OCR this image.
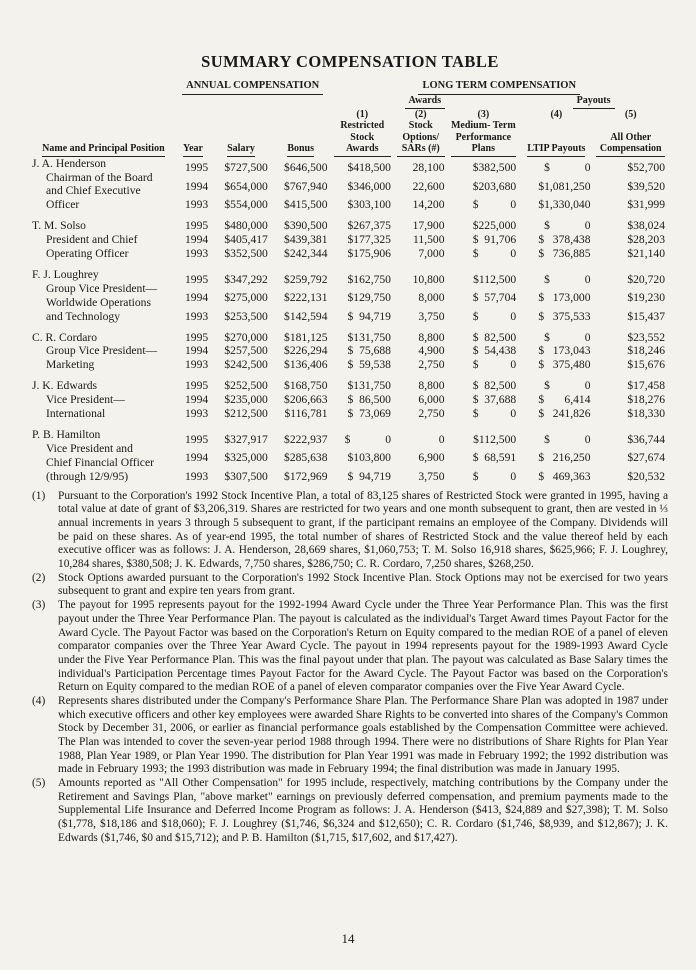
SUMMARY COMPENSATION TABLE
	ANNUAL COMPENSATION			LONG TERM COMPENSATION				
				Awards			Payouts	
				(1)	(2)	(3)	(4)	(5)
Name and Principal Position	Year	Salary	Bonus	Restricted Stock Awards	Stock Options/ SARs (#)	Medium- Term Performance Plans	LTIP Payouts	All Other Compensation

J. A. Henderson
Chairman of the Board
and Chief Executive
Officer	1995	$727,500	$646,500	$418,500	28,100	$382,500	$            0	$52,700
	1994	$654,000	$767,940	$346,000	22,600	$203,680	$1,081,250	$39,520
	1993	$554,000	$415,500	$303,100	14,200	$           0	$1,330,040	$31,999

T. M. Solso
President and Chief
Operating Officer	1995	$480,000	$390,500	$267,375	17,900	$225,000	$            0	$38,024
	1994	$405,417	$439,381	$177,325	11,500	$  91,706	$   378,438	$28,203
	1993	$352,500	$242,344	$175,906	7,000	$           0	$   736,885	$21,140

F. J. Loughrey
Group Vice President—
Worldwide Operations
and Technology	1995	$347,292	$259,792	$162,750	10,800	$112,500	$            0	$20,720
	1994	$275,000	$222,131	$129,750	8,000	$  57,704	$   173,000	$19,230
	1993	$253,500	$142,594	$  94,719	3,750	$           0	$   375,533	$15,437

C. R. Cordaro
Group Vice President—
Marketing	1995	$270,000	$181,125	$131,750	8,800	$  82,500	$            0	$23,552
	1994	$257,500	$226,294	$  75,688	4,900	$  54,438	$   173,043	$18,246
	1993	$242,500	$136,406	$  59,538	2,750	$           0	$   375,480	$15,676

J. K. Edwards
Vice President—
International	1995	$252,500	$168,750	$131,750	8,800	$  82,500	$            0	$17,458
	1994	$235,000	$206,663	$  86,500	6,000	$  37,688	$       6,414	$18,276
	1993	$212,500	$116,781	$  73,069	2,750	$           0	$   241,826	$18,330

P. B. Hamilton
Vice President and
Chief Financial Officer
(through 12/9/95)	1995	$327,917	$222,937	$            0	0	$112,500	$            0	$36,744
	1994	$325,000	$285,638	$103,800	6,900	$  68,591	$   216,250	$27,674
	1993	$307,500	$172,969	$  94,719	3,750	$           0	$   469,363	$20,532
(1)	Pursuant to the Corporation's 1992 Stock Incentive Plan, a total of 83,125 shares of Restricted Stock were granted in 1995, having a total value at date of grant of $3,206,319. Shares are restricted for two years and one month subsequent to grant, then are vested in ⅓ annual increments in years 3 through 5 subsequent to grant, if the participant remains an employee of the Company. Dividends will be paid on these shares. As of year-end 1995, the total number of shares of Restricted Stock and the value thereof held by each executive officer was as follows: J. A. Henderson, 28,669 shares, $1,060,753; T. M. Solso 16,918 shares, $625,966; F. J. Loughrey, 10,284 shares, $380,508; J. K. Edwards, 7,750 shares, $286,750; C. R. Cordaro, 7,250 shares, $268,250.
(2)	Stock Options awarded pursuant to the Corporation's 1992 Stock Incentive Plan. Stock Options may not be exercised for two years subsequent to grant and expire ten years from grant.
(3)	The payout for 1995 represents payout for the 1992-1994 Award Cycle under the Three Year Performance Plan. This was the first payout under the Three Year Performance Plan. The payout is calculated as the individual's Target Award times Payout Factor for the Award Cycle. The Payout Factor was based on the Corporation's Return on Equity compared to the median ROE of a panel of eleven comparator companies over the Three Year Award Cycle. The payout in 1994 represents payout for the 1989-1993 Award Cycle under the Five Year Performance Plan. This was the final payout under that plan. The payout was calculated as Base Salary times the individual's Participation Percentage times Payout Factor for the Award Cycle. The Payout Factor was based on the Corporation's Return on Equity compared to the median ROE of a panel of eleven comparator companies over the Five Year Award Cycle.
(4)	Represents shares distributed under the Company's Performance Share Plan. The Performance Share Plan was adopted in 1987 under which executive officers and other key employees were awarded Share Rights to be converted into shares of the Company's Common Stock by December 31, 2006, or earlier as financial performance goals established by the Compensation Committee were achieved. The Plan was intended to cover the seven-year period 1988 through 1994. There were no distributions of Share Rights for Plan Year 1988, Plan Year 1989, or Plan Year 1990. The distribution for Plan Year 1991 was made in February 1992; the 1992 distribution was made in February 1993; the 1993 distribution was made in February 1994; the final distribution was made in January 1995.
(5)	Amounts reported as "All Other Compensation" for 1995 include, respectively, matching contributions by the Company under the Retirement and Savings Plan, "above market" earnings on previously deferred compensation, and premium payments made to the Supplemental Life Insurance and Deferred Income Program as follows: J. A. Henderson ($413, $24,889 and $27,398); T. M. Solso ($1,778, $18,186 and $18,060); F. J. Loughrey ($1,746, $6,324 and $12,650); C. R. Cordaro ($1,746, $8,939, and $12,867); J. K. Edwards ($1,746, $0 and $15,712); and P. B. Hamilton ($1,715, $17,602, and $17,427).
14
